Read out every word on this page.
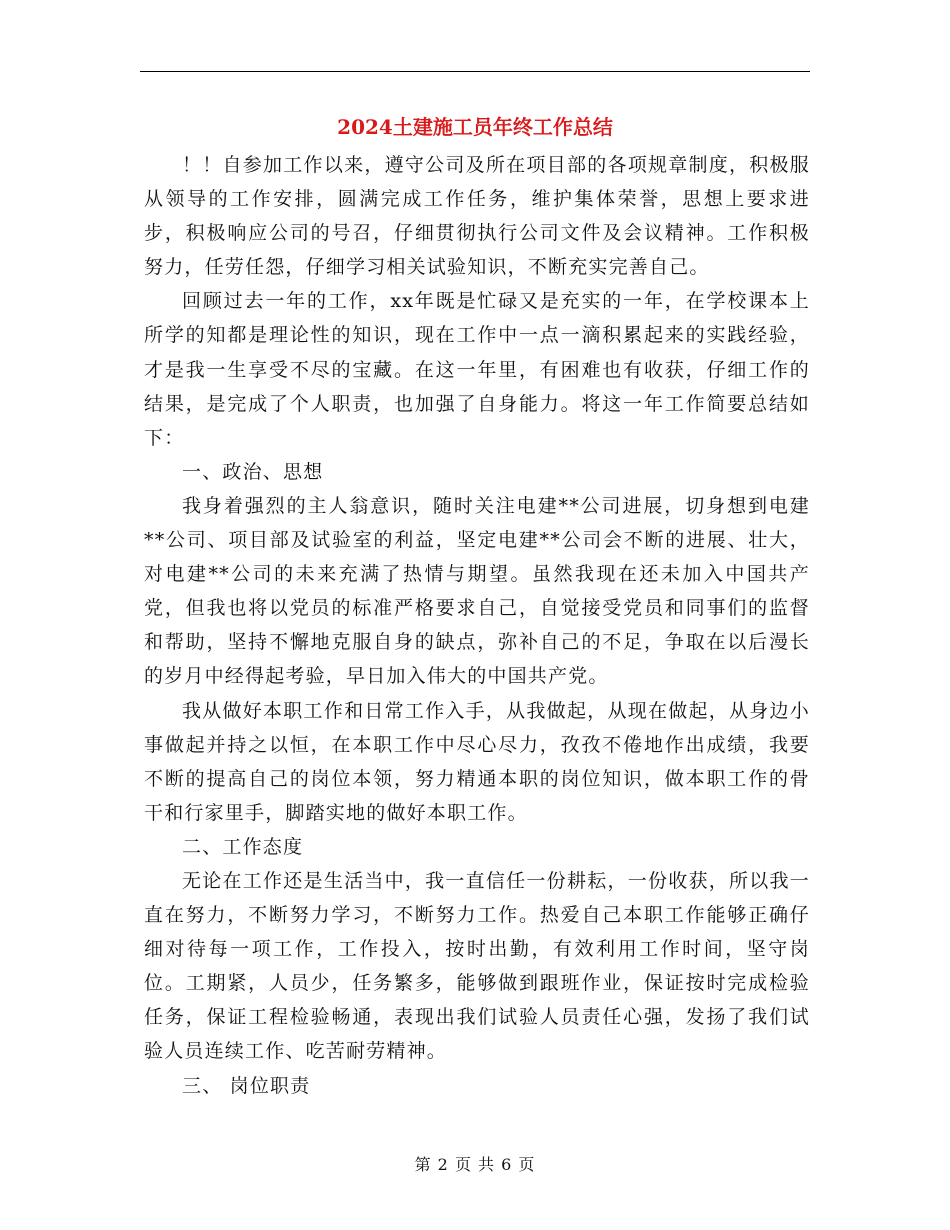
2024土建施工员年终工作总结

！！自参加工作以来，遵守公司及所在项目部的各项规章制度，积极服从领导的工作安排，圆满完成工作任务，维护集体荣誉，思想上要求进步，积极响应公司的号召，仔细贯彻执行公司文件及会议精神。工作积极努力，任劳任怨，仔细学习相关试验知识，不断充实完善自己。

回顾过去一年的工作，xx年既是忙碌又是充实的一年，在学校课本上所学的知都是理论性的知识，现在工作中一点一滴积累起来的实践经验，才是我一生享受不尽的宝藏。在这一年里，有困难也有收获，仔细工作的结果，是完成了个人职责，也加强了自身能力。将这一年工作简要总结如下：

一、政治、思想

我身着强烈的主人翁意识，随时关注电建**公司进展，切身想到电建**公司、项目部及试验室的利益，坚定电建**公司会不断的进展、壮大，对电建**公司的未来充满了热情与期望。虽然我现在还未加入中国共产党，但我也将以党员的标准严格要求自己，自觉接受党员和同事们的监督和帮助，坚持不懈地克服自身的缺点，弥补自己的不足，争取在以后漫长的岁月中经得起考验，早日加入伟大的中国共产党。

我从做好本职工作和日常工作入手，从我做起，从现在做起，从身边小事做起并持之以恒，在本职工作中尽心尽力，孜孜不倦地作出成绩，我要不断的提高自己的岗位本领，努力精通本职的岗位知识，做本职工作的骨干和行家里手，脚踏实地的做好本职工作。

二、工作态度

无论在工作还是生活当中，我一直信任一份耕耘，一份收获，所以我一直在努力，不断努力学习，不断努力工作。热爱自己本职工作能够正确仔细对待每一项工作，工作投入，按时出勤，有效利用工作时间，坚守岗位。工期紧，人员少，任务繁多，能够做到跟班作业，保证按时完成检验任务，保证工程检验畅通，表现出我们试验人员责任心强，发扬了我们试验人员连续工作、吃苦耐劳精神。

三、 岗位职责

第 2 页 共 6 页
